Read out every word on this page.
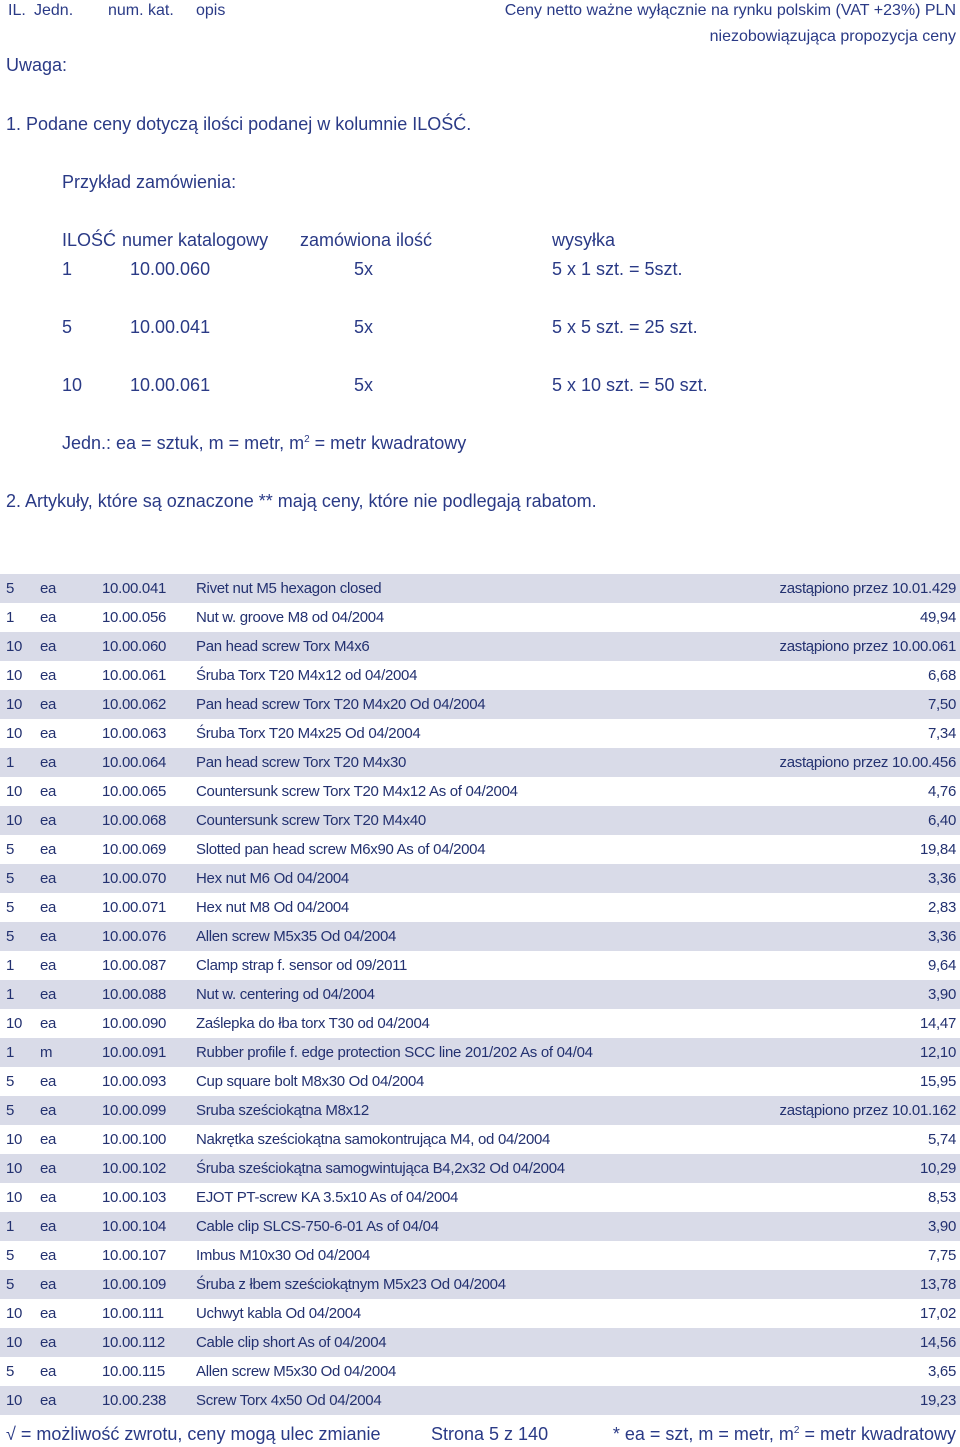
IL. Jedn. num. kat. opis	Ceny netto ważne wyłącznie na rynku polskim (VAT +23%) PLN
niezobowiązująca propozycja ceny
Uwaga:
1. Podane ceny dotyczą ilości podanej w kolumnie ILOŚĆ.
Przykład zamówienia:
ILOŚĆ numer katalogowy zamówiona ilość	wysyłka
1	10.00.060	5x	5 x 1 szt. = 5szt.
5	10.00.041	5x	5 x 5 szt. = 25 szt.
10	10.00.061	5x	5 x 10 szt. = 50 szt.
Jedn.: ea = sztuk, m = metr, $m^2$ = metr kwadratowy
2. Artykuły, które są oznaczone ** mają ceny, które nie podlegają rabatom.
5 ea	10.00.041 Rivet nut M5 hexagon closed	zastąpiono przez 10.01.429
1 ea	10.00.056 Nut w. groove M8 od 04/2004	49,94
10 ea	10.00.060 Pan head screw Torx M4x6	zastąpiono przez 10.00.061
10 ea	10.00.061 Śruba Torx T20 M4x12 od 04/2004	6,68
10 ea	10.00.062 Pan head screw Torx T20 M4x20 Od 04/2004	7,50
10 ea	10.00.063 Śruba Torx T20 M4x25 Od 04/2004	7,34
1 ea	10.00.064 Pan head screw Torx T20 M4x30	zastąpiono przez 10.00.456
10 ea	10.00.065 Countersunk screw Torx T20 M4x12 As of 04/2004	4,76
10 ea	10.00.068 Countersunk screw Torx T20 M4x40	6,40
5 ea	10.00.069 Slotted pan head screw M6x90 As of 04/2004	19,84
5 ea	10.00.070 Hex nut M6 Od 04/2004	3,36
5 ea	10.00.071 Hex nut M8 Od 04/2004	2,83
5 ea	10.00.076 Allen screw M5x35 Od 04/2004	3,36
1 ea	10.00.087 Clamp strap f. sensor od 09/2011	9,64
1 ea	10.00.088 Nut w. centering od 04/2004	3,90
10 ea	10.00.090 Zaślepka do łba torx T30 od 04/2004	14,47
1 m	10.00.091 Rubber profile f. edge protection SCC line 201/202 As of 04/04	12,10
5 ea	10.00.093 Cup square bolt M8x30 Od 04/2004	15,95
5 ea	10.00.099 Sruba sześciokątna M8x12	zastąpiono przez 10.01.162
10 ea	10.00.100 Nakrętka sześciokątna samokontrująca M4, od 04/2004	5,74
10 ea	10.00.102 Śruba sześciokątna samogwintująca B4,2x32 Od 04/2004	10,29
10 ea	10.00.103 EJOT PT-screw KA 3.5x10 As of 04/2004	8,53
1 ea	10.00.104 Cable clip SLCS-750-6-01 As of 04/04	3,90
5 ea	10.00.107 Imbus M10x30 Od 04/2004	7,75
5 ea	10.00.109 Śruba z łbem sześciokątnym M5x23 Od 04/2004	13,78
10 ea	10.00.111 Uchwyt kabla Od 04/2004	17,02
10 ea	10.00.112 Cable clip short As of 04/2004	14,56
5 ea	10.00.115 Allen screw M5x30 Od 04/2004	3,65
10 ea	10.00.238 Screw Torx 4x50 Od 04/2004	19,23
√ = możliwość zwrotu, ceny mogą ulec zmianie	Strona 5 z 140	* ea = szt, m = metr, $m^2$ = metr kwadratowy
